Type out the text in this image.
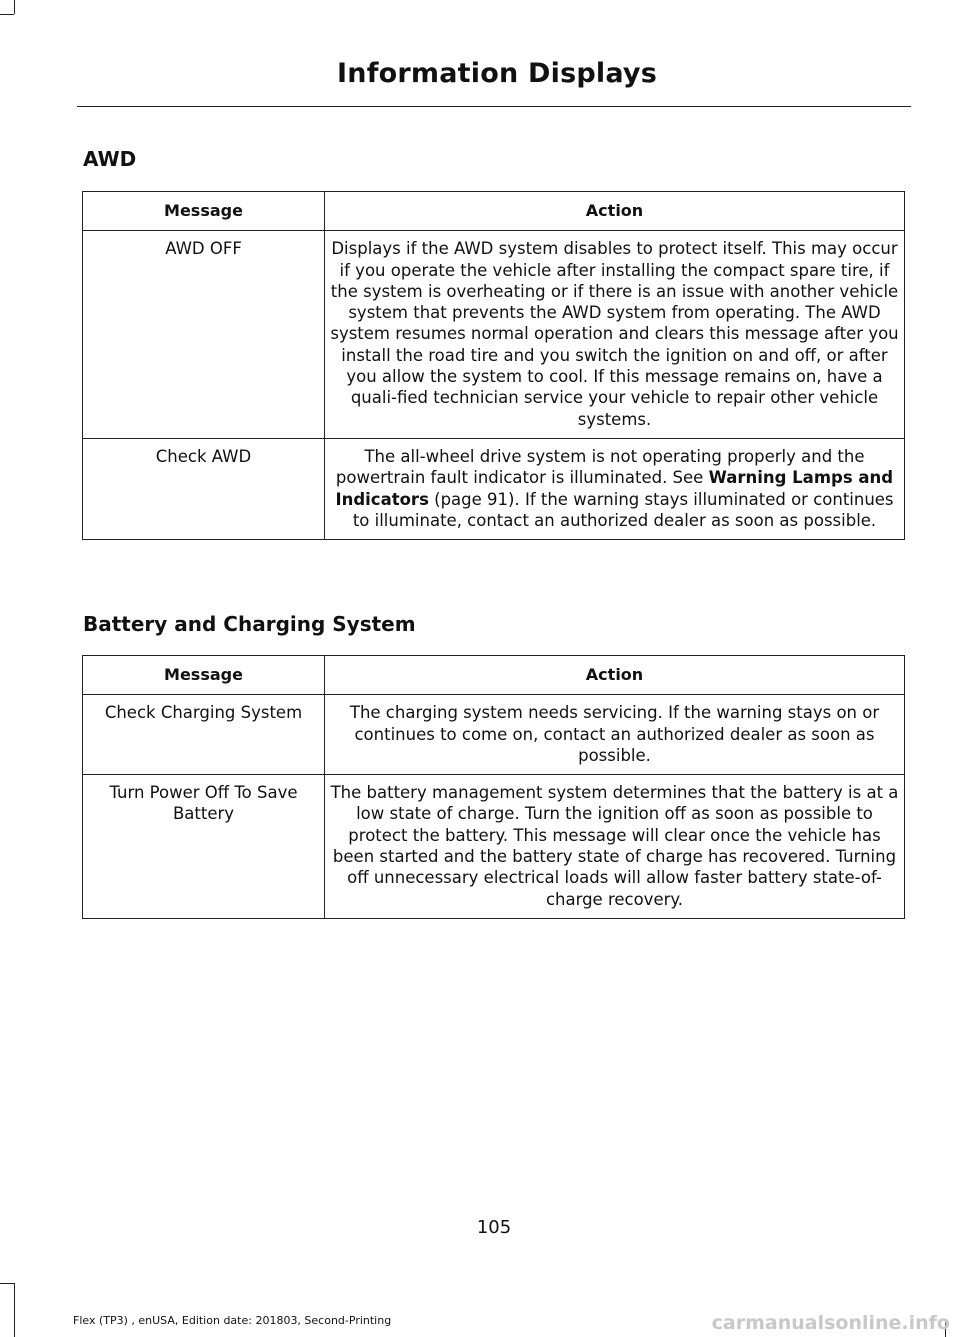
Information Displays
AWD
Message	Action
AWD OFF	Displays if the AWD system disables to protect itself. This may occur if you operate the vehicle after installing the compact spare tire, if the system is overheating or if there is an issue with another vehicle system that prevents the AWD system from operating. The AWD system resumes normal operation and clears this message after you install the road tire and you switch the ignition on and off, or after you allow the system to cool. If this message remains on, have a quali-fied technician service your vehicle to repair other vehicle systems.
Check AWD	The all-wheel drive system is not operating properly and the powertrain fault indicator is illuminated. See Warning Lamps and Indicators (page 91). If the warning stays illuminated or continues to illuminate, contact an authorized dealer as soon as possible.
Battery and Charging System
Message	Action
Check Charging System	The charging system needs servicing. If the warning stays on or continues to come on, contact an authorized dealer as soon as possible.
Turn Power Off To Save Battery	The battery management system determines that the battery is at a low state of charge. Turn the ignition off as soon as possible to protect the battery. This message will clear once the vehicle has been started and the battery state of charge has recovered. Turning off unnecessary electrical loads will allow faster battery state-of-charge recovery.
105
Flex (TP3) , enUSA, Edition date: 201803, Second-Printing	carmanualsonline.info
